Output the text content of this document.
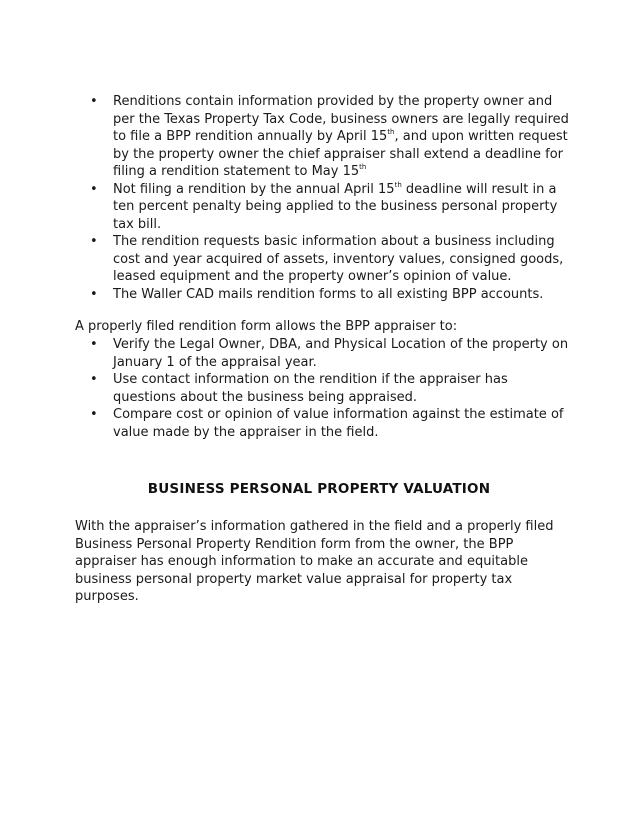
• Renditions contain information provided by the property owner and per the Texas Property Tax Code, business owners are legally required to file a BPP rendition annually by April 15th, and upon written request by the property owner the chief appraiser shall extend a deadline for filing a rendition statement to May 15th
• Not filing a rendition by the annual April 15th deadline will result in a ten percent penalty being applied to the business personal property tax bill.
• The rendition requests basic information about a business including cost and year acquired of assets, inventory values, consigned goods, leased equipment and the property owner’s opinion of value.
• The Waller CAD mails rendition forms to all existing BPP accounts.

A properly filed rendition form allows the BPP appraiser to:

• Verify the Legal Owner, DBA, and Physical Location of the property on January 1 of the appraisal year.
• Use contact information on the rendition if the appraiser has questions about the business being appraised.
• Compare cost or opinion of value information against the estimate of value made by the appraiser in the field.
BUSINESS PERSONAL PROPERTY VALUATION

With the appraiser’s information gathered in the field and a properly filed Business Personal Property Rendition form from the owner, the BPP appraiser has enough information to make an accurate and equitable business personal property market value appraisal for property tax purposes.
